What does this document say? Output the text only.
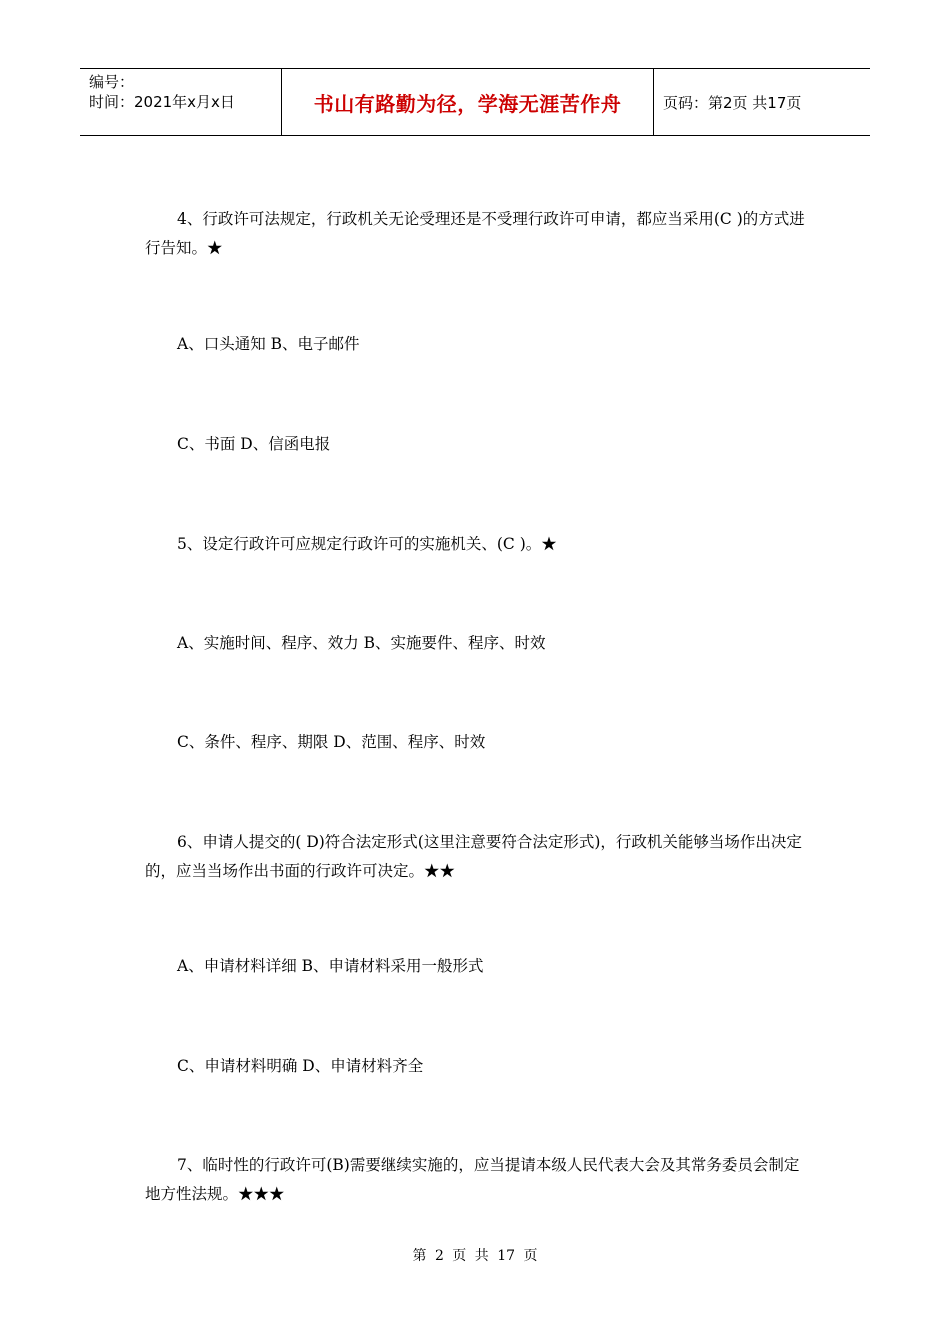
编号：
时间：2021年x月x日	书山有路勤为径，学海无涯苦作舟	页码：第2页 共17页
4、行政许可法规定，行政机关无论受理还是不受理行政许可申请，都应当采用(C )的方式进行告知。★
A、口头通知 B、电子邮件
C、书面 D、信函电报
5、设定行政许可应规定行政许可的实施机关、(C )。★
A、实施时间、程序、效力 B、实施要件、程序、时效
C、条件、程序、期限 D、范围、程序、时效
6、申请人提交的( D)符合法定形式(这里注意要符合法定形式)，行政机关能够当场作出决定的，应当当场作出书面的行政许可决定。★★
A、申请材料详细 B、申请材料采用一般形式
C、申请材料明确 D、申请材料齐全
7、临时性的行政许可(B)需要继续实施的，应当提请本级人民代表大会及其常务委员会制定地方性法规。★★★
第 2 页 共 17 页
